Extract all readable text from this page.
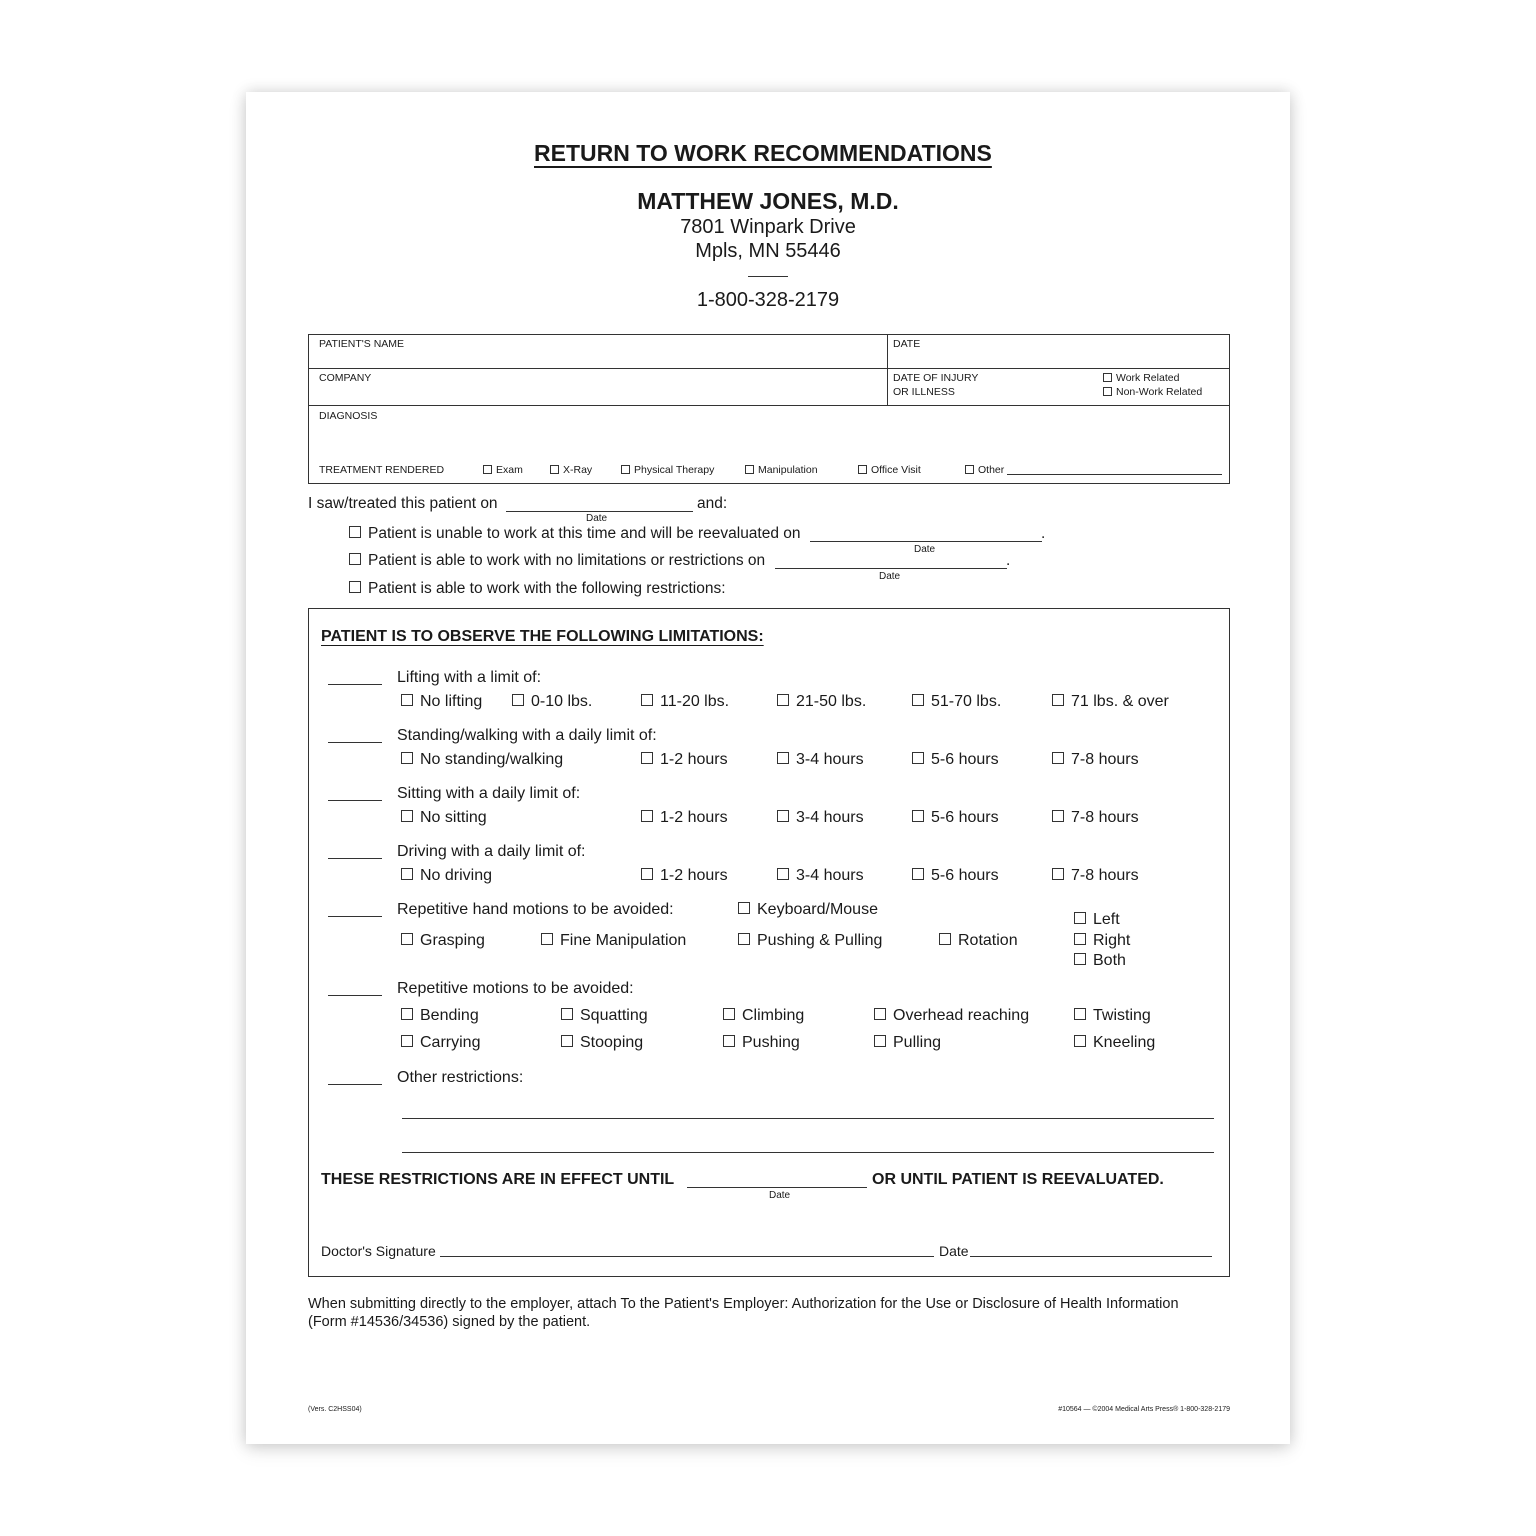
RETURN TO WORK RECOMMENDATIONS
MATTHEW JONES, M.D.
7801 Winpark Drive
Mpls, MN 55446
1-800-328-2179
PATIENT'S NAME	DATE
COMPANY	DATE OF INJURY
OR ILLNESS
Work Related
Non-Work Related
DIAGNOSIS
TREATMENT RENDERED	Exam	X-Ray	Physical Therapy	Manipulation	Office Visit	Other
I saw/treated this patient on	and:
Date
Patient is unable to work at this time and will be reevaluated on	.
Date
Patient is able to work with no limitations or restrictions on	.
Date
Patient is able to work with the following restrictions:
PATIENT IS TO OBSERVE THE FOLLOWING LIMITATIONS:
Lifting with a limit of:
No lifting	0-10 lbs.	11-20 lbs.	21-50 lbs.	51-70 lbs.	71 lbs. & over
Standing/walking with a daily limit of:
No standing/walking	1-2 hours	3-4 hours	5-6 hours	7-8 hours
Sitting with a daily limit of:
No sitting	1-2 hours	3-4 hours	5-6 hours	7-8 hours
Driving with a daily limit of:
No driving	1-2 hours	3-4 hours	5-6 hours	7-8 hours
Repetitive hand motions to be avoided:	Keyboard/Mouse
Grasping	Fine Manipulation	Pushing & Pulling	Rotation
Left
Right
Both
Repetitive motions to be avoided:
Bending	Squatting	Climbing	Overhead reaching	Twisting
Carrying	Stooping	Pushing	Pulling	Kneeling
Other restrictions:
THESE RESTRICTIONS ARE IN EFFECT UNTIL	OR UNTIL PATIENT IS REEVALUATED.
Date
Doctor's Signature	Date
When submitting directly to the employer, attach To the Patient's Employer: Authorization for the Use or Disclosure of Health Information (Form #14536/34536) signed by the patient.
(Vers. C2HSS04)	#10564 — ©2004 Medical Arts Press® 1-800-328-2179
